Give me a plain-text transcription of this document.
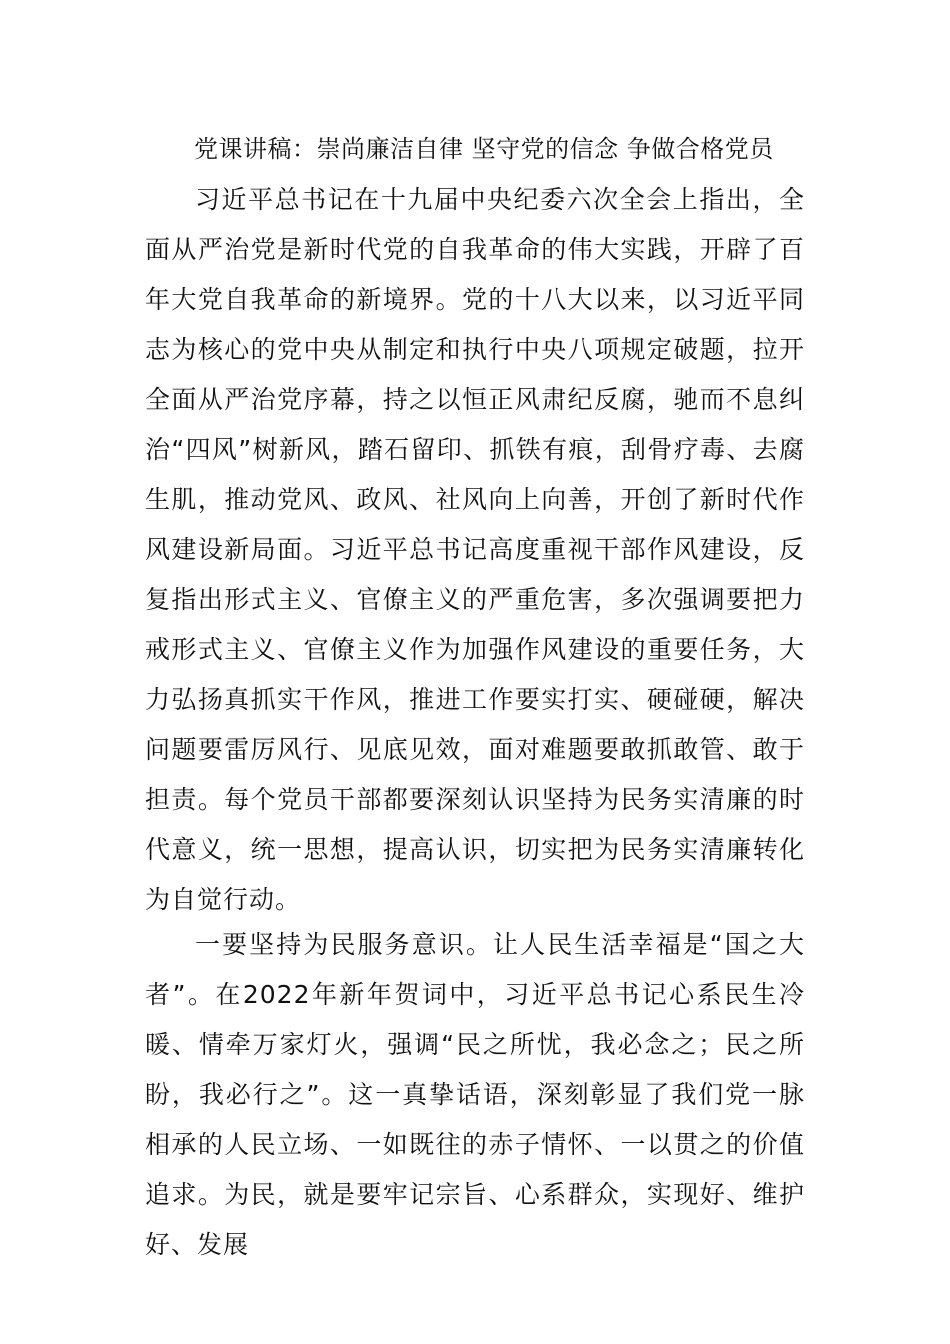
党课讲稿：崇尚廉洁自律 坚守党的信念 争做合格党员

习近平总书记在十九届中央纪委六次全会上指出，全面从严治党是新时代党的自我革命的伟大实践，开辟了百年大党自我革命的新境界。党的十八大以来，以习近平同志为核心的党中央从制定和执行中央八项规定破题，拉开全面从严治党序幕，持之以恒正风肃纪反腐，驰而不息纠治“四风”树新风，踏石留印、抓铁有痕，刮骨疗毒、去腐生肌，推动党风、政风、社风向上向善，开创了新时代作风建设新局面。习近平总书记高度重视干部作风建设，反复指出形式主义、官僚主义的严重危害，多次强调要把力戒形式主义、官僚主义作为加强作风建设的重要任务，大力弘扬真抓实干作风，推进工作要实打实、硬碰硬，解决问题要雷厉风行、见底见效，面对难题要敢抓敢管、敢于担责。每个党员干部都要深刻认识坚持为民务实清廉的时代意义，统一思想，提高认识，切实把为民务实清廉转化为自觉行动。

一要坚持为民服务意识。让人民生活幸福是“国之大者”。在2022年新年贺词中，习近平总书记心系民生冷暖、情牵万家灯火，强调“民之所忧，我必念之；民之所盼，我必行之”。这一真挚话语，深刻彰显了我们党一脉相承的人民立场、一如既往的赤子情怀、一以贯之的价值追求。为民，就是要牢记宗旨、心系群众，实现好、维护好、发展
